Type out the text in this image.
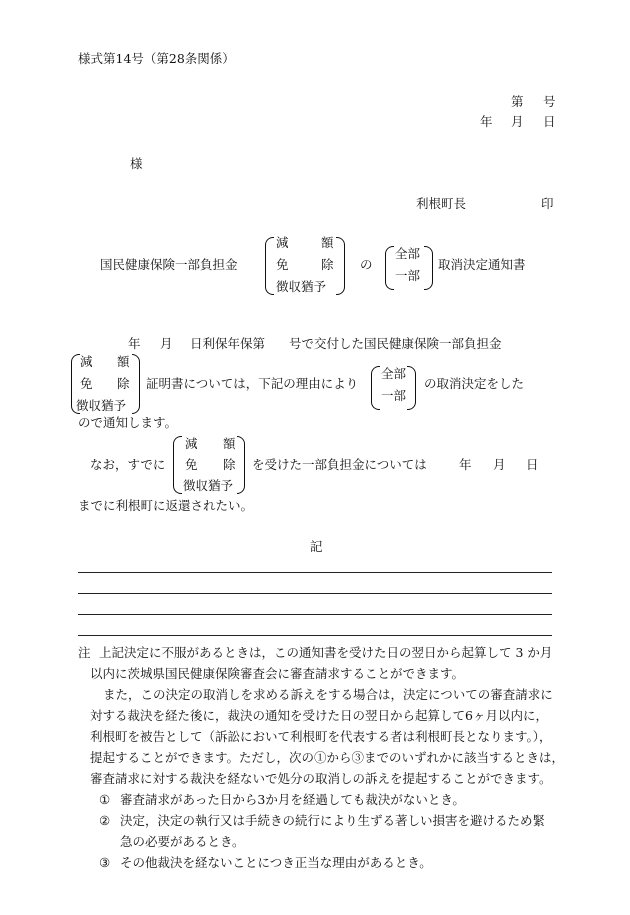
様式第14号（第28条関係）
第 号
年 月 日
様
利根町長	印
国民健康保険一部負担金
減	額
免	除
徴収猶予
の
全部
一部
取消決定通知書
年 月 日利保年保第 号で交付した国民健康保険一部負担金
減 額
免 除
徴収猶予
証明書については，下記の理由により
全部
一部
の取消決定をした
ので通知します。
なお，すでに
減 額
免 除
徴収猶予
を受けた一部負担金については	年 月 日
までに利根町に返還されたい。
記
注 上記決定に不服があるときは，この通知書を受けた日の翌日から起算して 3 か月
以内に茨城県国民健康保険審査会に審査請求することができます。
また，この決定の取消しを求める訴えをする場合は，決定についての審査請求に
対する裁決を経た後に，裁決の通知を受けた日の翌日から起算して6ヶ月以内に，
利根町を被告として（訴訟において利根町を代表する者は利根町長となります。），
提起することができます。ただし，次の①から③までのいずれかに該当するときは，
審査請求に対する裁決を経ないで処分の取消しの訴えを提起することができます。
① 審査請求があった日から3か月を経過しても裁決がないとき。
② 決定，決定の執行又は手続きの続行により生ずる著しい損害を避けるため緊
急の必要があるとき。
③ その他裁決を経ないことにつき正当な理由があるとき。
